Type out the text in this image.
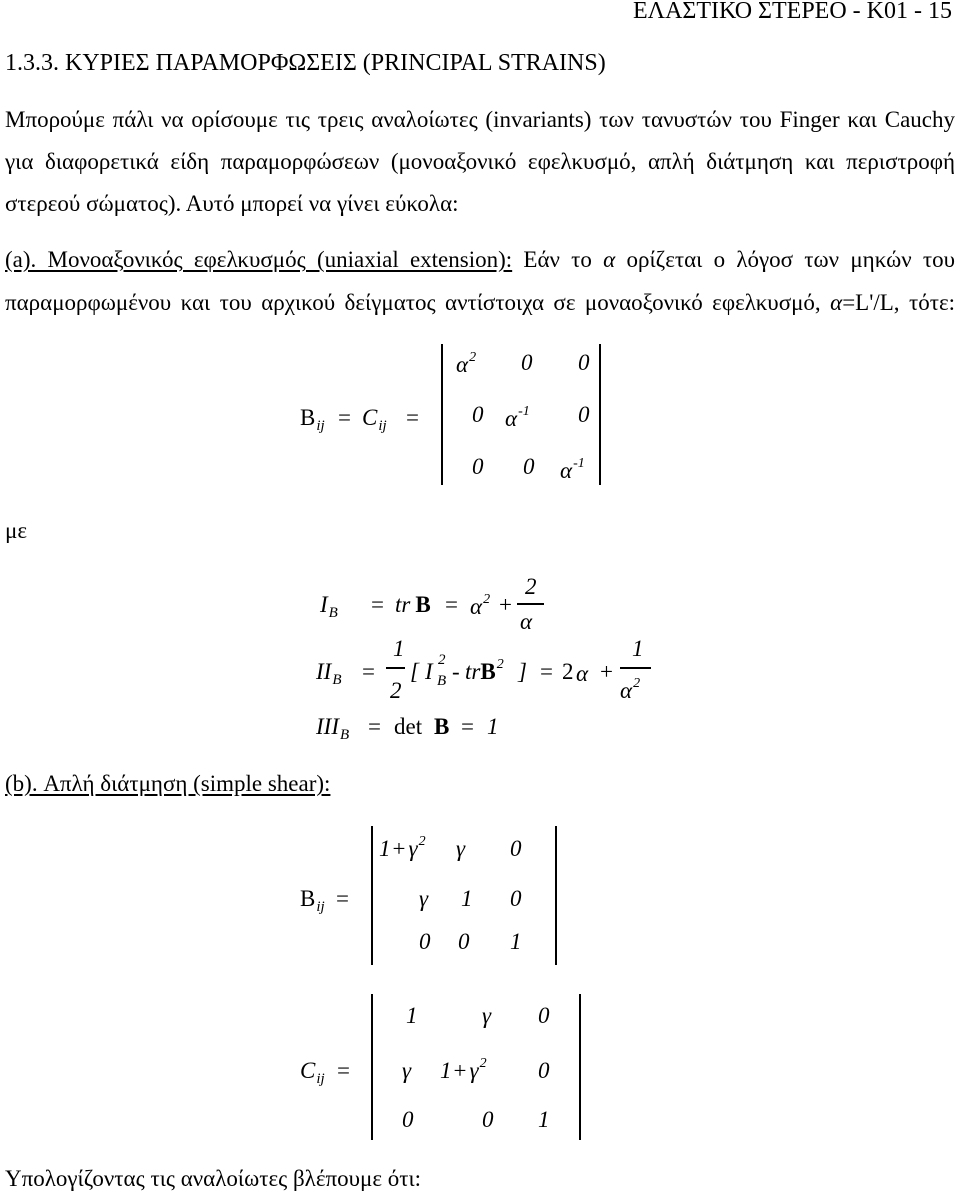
ΕΛΑΣΤΙΚΟ ΣΤΕΡΕΟ - Κ01 - 15
1.3.3. ΚΥΡΙΕΣ ΠΑΡΑΜΟΡΦΩΣΕΙΣ (PRINCIPAL STRAINS)
Μπορούμε πάλι να ορίσουμε τις τρεις αναλοίωτες (invariants) των τανυστών του Finger και Cauchy
για διαφορετικά είδη παραμορφώσεων (μονοαξονικό εφελκυσμό, απλή διάτμηση και περιστροφή
στερεού σώματος). Αυτό μπορεί να γίνει εύκολα:
(a). Μονοαξονικός εφελκυσμός (uniaxial extension): Εάν το α ορίζεται ο λόγοσ των μηκών του
παραμορφωμένου και του αρχικού δείγματος αντίστοιχα σε μοναοξονικό εφελκυσμό, α=L'/L, τότε:
$B_{ij} = C_{ij}$ =
$\alpha^2$ 0 0
0 $\alpha^{-1}$ 0
0 0 $\alpha^{-1}$
με
$I_B$ = tr $B = \alpha^2$ +
2
α
$II_B$ =
1
2
[ I 2
B - trB$^2$ ] = 2 α +
1
$\alpha^2$
$III_B = \det B = 1$
(b). Απλή διάτμηση (simple shear):
$B_{ij}$ =
$1+ \gamma^2$ γ 0
γ 1 0
0 0 1
$C_{ij}$ =
1	γ 0
γ $1+ \gamma^2$ 0
0	0 1
Υπολογίζοντας τις αναλοίωτες βλέπουμε ότι:
